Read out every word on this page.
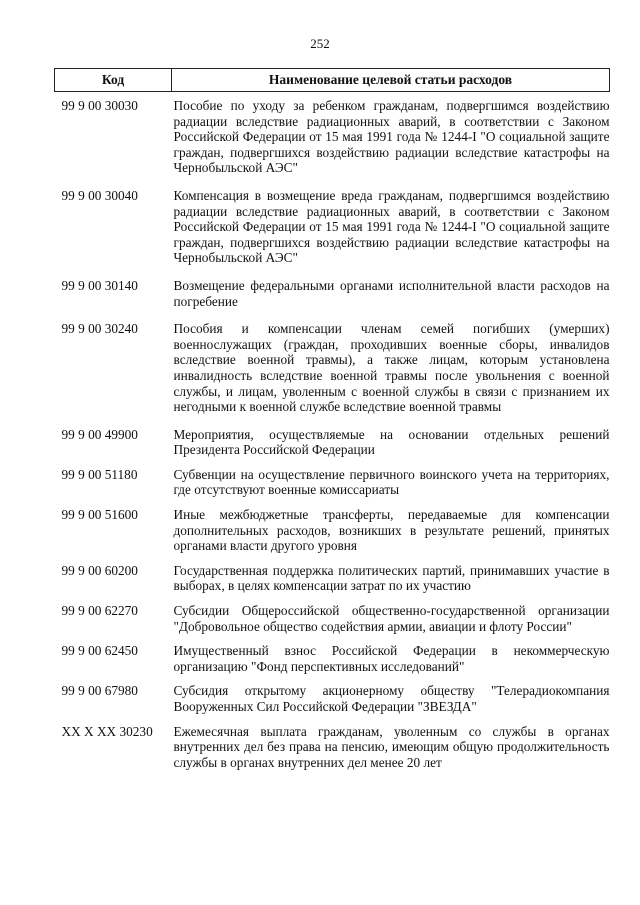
252
Код	Наименование целевой статьи расходов
99 9 00 30030	Пособие по уходу за ребенком гражданам, подвергшимся воздействию радиации вследствие радиационных аварий, в соответствии с Законом Российской Федерации от 15 мая 1991 года № 1244-I "О социальной защите граждан, подвергшихся воздействию радиации вследствие катастрофы на Чернобыльской АЭС"
99 9 00 30040	Компенсация в возмещение вреда гражданам, подвергшимся воздействию радиации вследствие радиационных аварий, в соответствии с Законом Российской Федерации от 15 мая 1991 года № 1244-I "О социальной защите граждан, подвергшихся воздействию радиации вследствие катастрофы на Чернобыльской АЭС"
99 9 00 30140	Возмещение федеральными органами исполнительной власти расходов на погребение
99 9 00 30240	Пособия и компенсации членам семей погибших (умерших) военнослужащих (граждан, проходивших военные сборы, инвалидов вследствие военной травмы), а также лицам, которым установлена инвалидность вследствие военной травмы после увольнения с военной службы, и лицам, уволенным с военной службы в связи с признанием их негодными к военной службе вследствие военной травмы
99 9 00 49900	Мероприятия, осуществляемые на основании отдельных решений Президента Российской Федерации
99 9 00 51180	Субвенции на осуществление первичного воинского учета на территориях, где отсутствуют военные комиссариаты
99 9 00 51600	Иные межбюджетные трансферты, передаваемые для компенсации дополнительных расходов, возникших в результате решений, принятых органами власти другого уровня
99 9 00 60200	Государственная поддержка политических партий, принимавших участие в выборах, в целях компенсации затрат по их участию
99 9 00 62270	Субсидии Общероссийской общественно-государственной организации "Добровольное общество содействия армии, авиации и флоту России"
99 9 00 62450	Имущественный взнос Российской Федерации в некоммерческую организацию "Фонд перспективных исследований"
99 9 00 67980	Субсидия открытому акционерному обществу "Телерадиокомпания Вооруженных Сил Российской Федерации "ЗВЕЗДА"
XX X XX 30230	Ежемесячная выплата гражданам, уволенным со службы в органах внутренних дел без права на пенсию, имеющим общую продолжительность службы в органах внутренних дел менее 20 лет
